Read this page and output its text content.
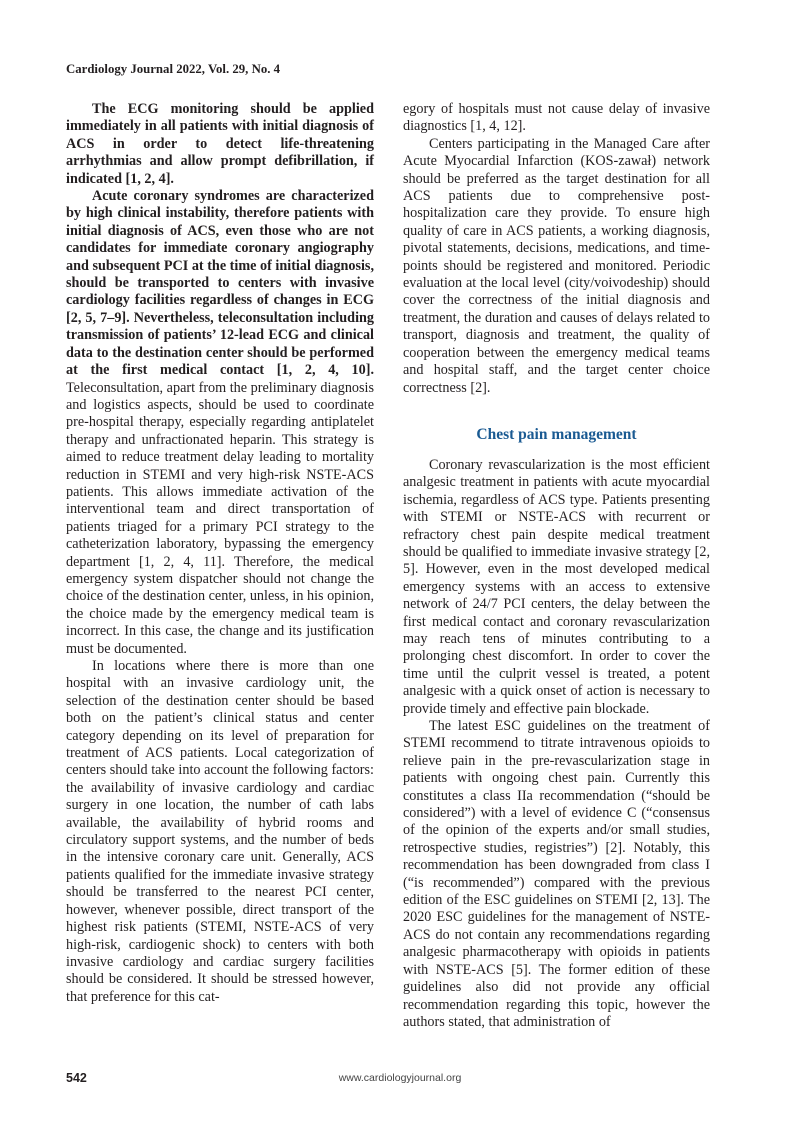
Cardiology Journal 2022, Vol. 29, No. 4

The ECG monitoring should be applied immediately in all patients with initial diagnosis of ACS in order to detect life-threatening arrhythmias and allow prompt defibrillation, if indicated [1, 2, 4].

Acute coronary syndromes are characterized by high clinical instability, therefore patients with initial diagnosis of ACS, even those who are not candidates for immediate coronary angiography and subsequent PCI at the time of initial diagnosis, should be transported to centers with invasive cardiology facilities regardless of changes in ECG [2, 5, 7–9]. Nevertheless, teleconsultation including transmission of patients’ 12-lead ECG and clinical data to the destination center should be performed at the first medical contact [1, 2, 4, 10]. Teleconsultation, apart from the preliminary diagnosis and logistics aspects, should be used to coordinate pre-hospital therapy, especially regarding antiplatelet therapy and unfractionated heparin. This strategy is aimed to reduce treatment delay leading to mortality reduction in STEMI and very high-risk NSTE-ACS patients. This allows immediate activation of the interventional team and direct transportation of patients triaged for a primary PCI strategy to the catheterization laboratory, bypassing the emergency department [1, 2, 4, 11]. Therefore, the medical emergency system dispatcher should not change the choice of the destination center, unless, in his opinion, the choice made by the emergency medical team is incorrect. In this case, the change and its justification must be documented.

In locations where there is more than one hospital with an invasive cardiology unit, the selection of the destination center should be based both on the patient’s clinical status and center category depending on its level of preparation for treatment of ACS patients. Local categorization of centers should take into account the following factors: the availability of invasive cardiology and cardiac surgery in one location, the number of cath labs available, the availability of hybrid rooms and circulatory support systems, and the number of beds in the intensive coronary care unit. Generally, ACS patients qualified for the immediate invasive strategy should be transferred to the nearest PCI center, however, whenever possible, direct transport of the highest risk patients (STEMI, NSTE-ACS of very high-risk, cardiogenic shock) to centers with both invasive cardiology and cardiac surgery facilities should be considered. It should be stressed however, that preference for this cat-

egory of hospitals must not cause delay of invasive diagnostics [1, 4, 12].

Centers participating in the Managed Care after Acute Myocardial Infarction (KOS-zawał) network should be preferred as the target destination for all ACS patients due to comprehensive post-hospitalization care they provide. To ensure high quality of care in ACS patients, a working diagnosis, pivotal statements, decisions, medications, and time-points should be registered and monitored. Periodic evaluation at the local level (city/voivodeship) should cover the correctness of the initial diagnosis and treatment, the duration and causes of delays related to transport, diagnosis and treatment, the quality of cooperation between the emergency medical teams and hospital staff, and the target center choice correctness [2].

Chest pain management

Coronary revascularization is the most efficient analgesic treatment in patients with acute myocardial ischemia, regardless of ACS type. Patients presenting with STEMI or NSTE-ACS with recurrent or refractory chest pain despite medical treatment should be qualified to immediate invasive strategy [2, 5]. However, even in the most developed medical emergency systems with an access to extensive network of 24/7 PCI centers, the delay between the first medical contact and coronary revascularization may reach tens of minutes contributing to a prolonging chest discomfort. In order to cover the time until the culprit vessel is treated, a potent analgesic with a quick onset of action is necessary to provide timely and effective pain blockade.

The latest ESC guidelines on the treatment of STEMI recommend to titrate intravenous opioids to relieve pain in the pre-revascularization stage in patients with ongoing chest pain. Currently this constitutes a class IIa recommendation (“should be considered”) with a level of evidence C (“consensus of the opinion of the experts and/or small studies, retrospective studies, registries”) [2]. Notably, this recommendation has been downgraded from class I (“is recommended”) compared with the previous edition of the ESC guidelines on STEMI [2, 13]. The 2020 ESC guidelines for the management of NSTE-ACS do not contain any recommendations regarding analgesic pharmacotherapy with opioids in patients with NSTE-ACS [5]. The former edition of these guidelines also did not provide any official recommendation regarding this topic, however the authors stated, that administration of

542	www.cardiologyjournal.org
